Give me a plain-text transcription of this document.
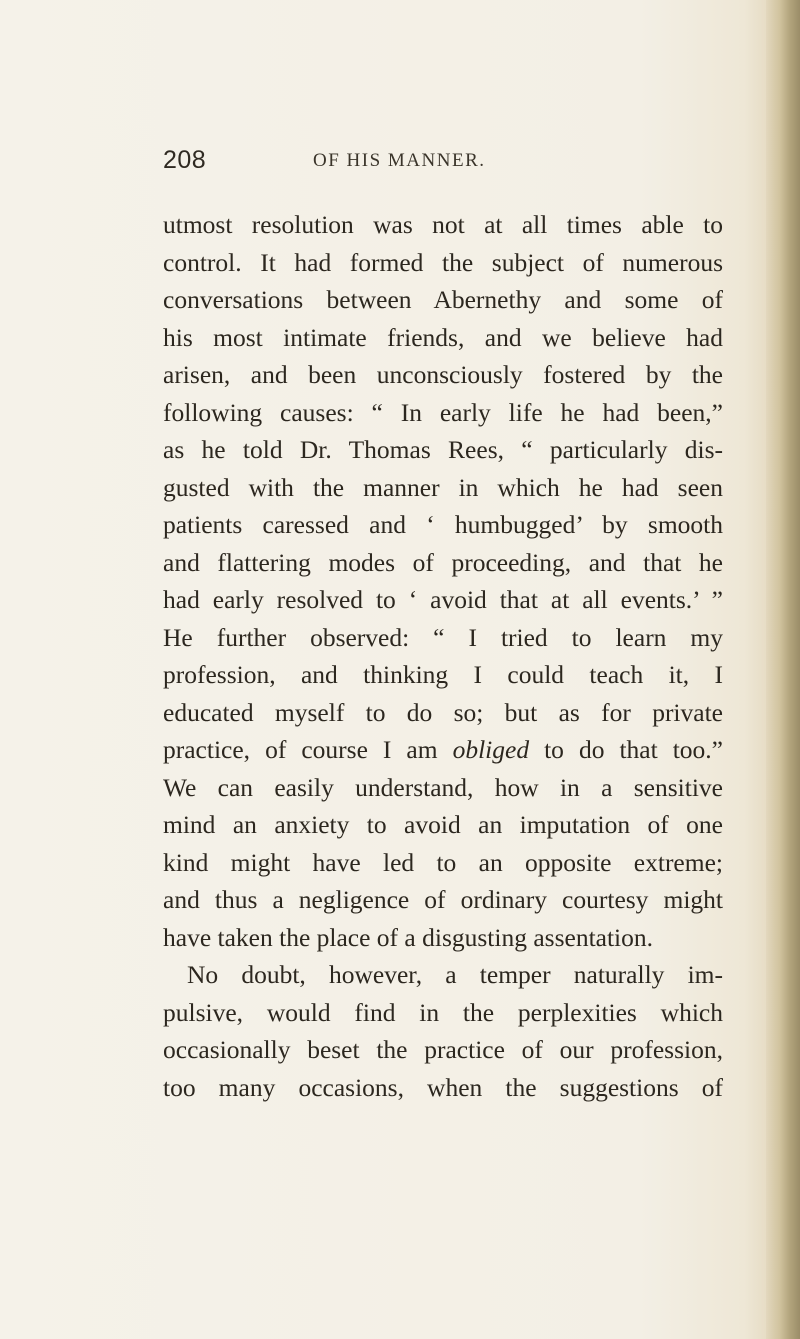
208	OF HIS MANNER.
utmost resolution was not at all times able to
control. It had formed the subject of numerous
conversations between Abernethy and some of
his most intimate friends, and we believe had
arisen, and been unconsciously fostered by the
following causes: “ In early life he had been,”
as he told Dr. Thomas Rees, “ particularly dis-
gusted with the manner in which he had seen
patients caressed and ‘ humbugged’ by smooth
and flattering modes of proceeding, and that he
had early resolved to ‘ avoid that at all events.’ ”
He further observed: “ I tried to learn my
profession, and thinking I could teach it, I
educated myself to do so; but as for private
practice, of course I am obliged to do that too.”
We can easily understand, how in a sensitive
mind an anxiety to avoid an imputation of one
kind might have led to an opposite extreme;
and thus a negligence of ordinary courtesy might
have taken the place of a disgusting assentation.
No doubt, however, a temper naturally im-
pulsive, would find in the perplexities which
occasionally beset the practice of our profession,
too many occasions, when the suggestions of
